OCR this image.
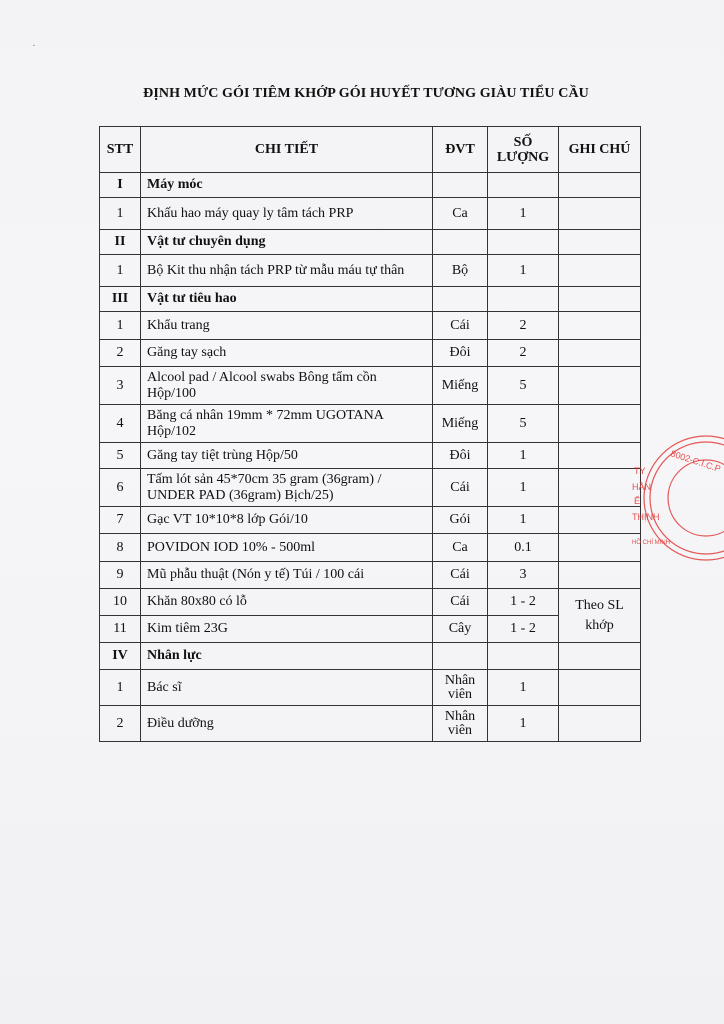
·
ĐỊNH MỨC GÓI TIÊM KHỚP GÓI HUYẾT TƯƠNG GIÀU TIỂU CẦU
STT	CHI TIẾT	ĐVT	SỐ LƯỢNG	GHI CHÚ
I	Máy móc			
1	Khấu hao máy quay ly tâm tách PRP	Ca	1	
II	Vật tư chuyên dụng			
1	Bộ Kit thu nhận tách PRP từ mẫu máu tự thân	Bộ	1	
III	Vật tư tiêu hao			
1	Khẩu trang	Cái	2	
2	Găng tay sạch	Đôi	2	
3	Alcool pad / Alcool swabs Bông tẩm cồn Hộp/100	Miếng	5	
4	Băng cá nhân 19mm * 72mm UGOTANA Hộp/102	Miếng	5	
5	Găng tay tiệt trùng Hộp/50	Đôi	1	
6	Tấm lót sản 45*70cm 35 gram (36gram) / UNDER PAD (36gram) Bịch/25)	Cái	1	
7	Gạc VT 10*10*8 lớp Gói/10	Gói	1	
8	POVIDON IOD 10% - 500ml	Ca	0.1	
9	Mũ phẫu thuật (Nón y tế) Túi / 100 cái	Cái	3	
10	Khăn 80x80 có lỗ	Cái	1 - 2	Theo SL khớp
11	Kim tiêm 23G	Cây	1 - 2	
IV	Nhân lực			
1	Bác sĩ	Nhân viên	1	
2	Điều dưỡng	Nhân viên	1	
8002-C.I.C.P
TY
HẦN
Ế
THỊNH
HỒ CHÍ MINH
